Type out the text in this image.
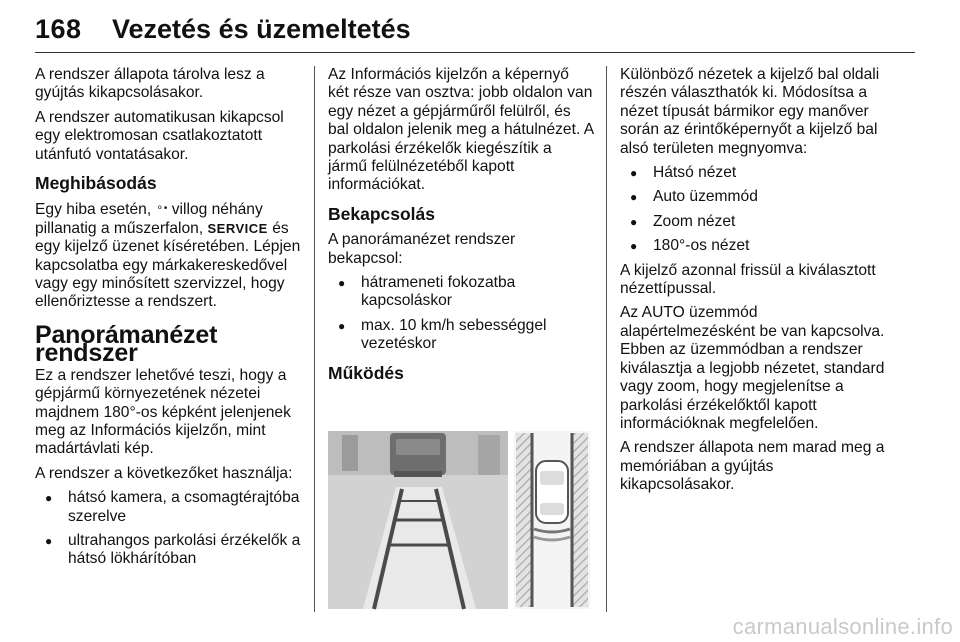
168 Vezetés és üzemeltetés

A rendszer állapota tárolva lesz a gyújtás kikapcsolásakor.

A rendszer automatikusan kikapcsol egy elektromosan csatlakoztatott utánfutó vontatásakor.

Meghibásodás

Egy hiba esetén, ⚬• villog néhány pillanatig a műszerfalon, SERVICE és egy kijelző üzenet kíséretében. Lépjen kapcsolatba egy márkakereskedővel vagy egy minősített szervizzel, hogy ellenőriztesse a rendszert.

Panorámanézet rendszer

Ez a rendszer lehetővé teszi, hogy a gépjármű környezetének nézetei majdnem 180°-os képként jelenjenek meg az Információs kijelzőn, mint madártávlati kép.

A rendszer a következőket használja:

● hátsó kamera, a csomagtérajtóba szerelve
● ultrahangos parkolási érzékelők a hátsó lökhárítóban

Az Információs kijelzőn a képernyő két része van osztva: jobb oldalon van egy nézet a gépjárműről felülről, és bal oldalon jelenik meg a hátulnézet. A parkolási érzékelők kiegészítik a jármű felülnézetéből kapott információkat.

Bekapcsolás

A panorámanézet rendszer bekapcsol:

● hátrameneti fokozatba kapcsoláskor
● max. 10 km/h sebességgel vezetéskor
Működés

Különböző nézetek a kijelző bal oldali részén választhatók ki. Módosítsa a nézet típusát bármikor egy manőver során az érintőképernyőt a kijelző bal alsó területen megnyomva:

● Hátsó nézet
● Auto üzemmód
● Zoom nézet
● 180°-os nézet

A kijelző azonnal frissül a kiválasztott nézettípussal.

Az AUTO üzemmód alapértelmezésként be van kapcsolva. Ebben az üzemmódban a rendszer kiválasztja a legjobb nézetet, standard vagy zoom, hogy megjelenítse a parkolási érzékelőktől kapott információknak megfelelően.

A rendszer állapota nem marad meg a memóriában a gyújtás kikapcsolásakor.

carmanualsonline.info
